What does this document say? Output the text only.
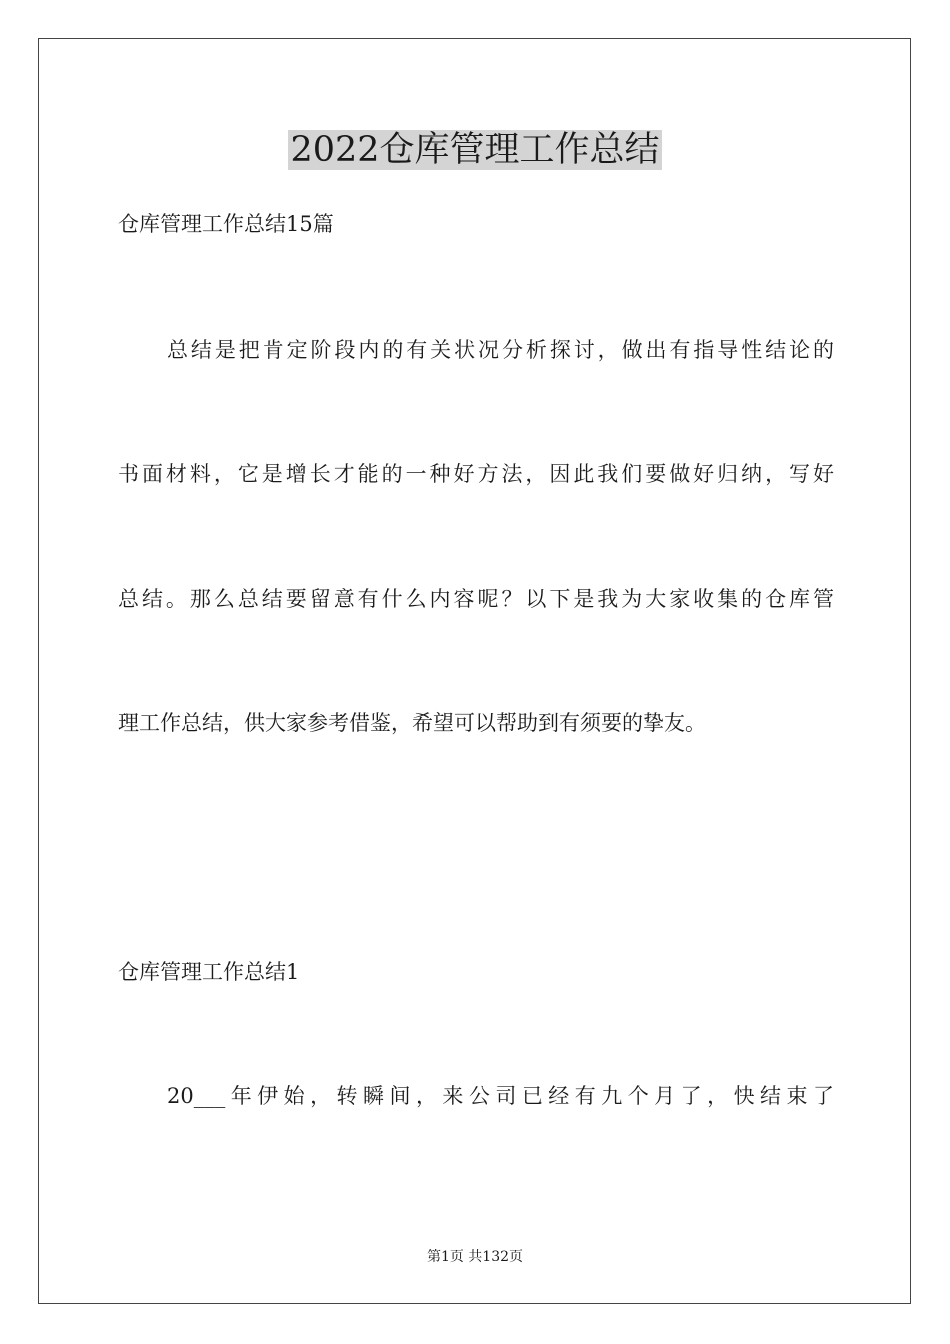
2022仓库管理工作总结

仓库管理工作总结15篇

总结是把肯定阶段内的有关状况分析探讨，做出有指导性结论的

书面材料，它是增长才能的一种好方法，因此我们要做好归纳，写好

总结。那么总结要留意有什么内容呢？以下是我为大家收集的仓库管

理工作总结，供大家参考借鉴，希望可以帮助到有须要的挚友。

仓库管理工作总结1

20___年伊始，转瞬间，来公司已经有九个月了，快结束了

第1页 共132页
